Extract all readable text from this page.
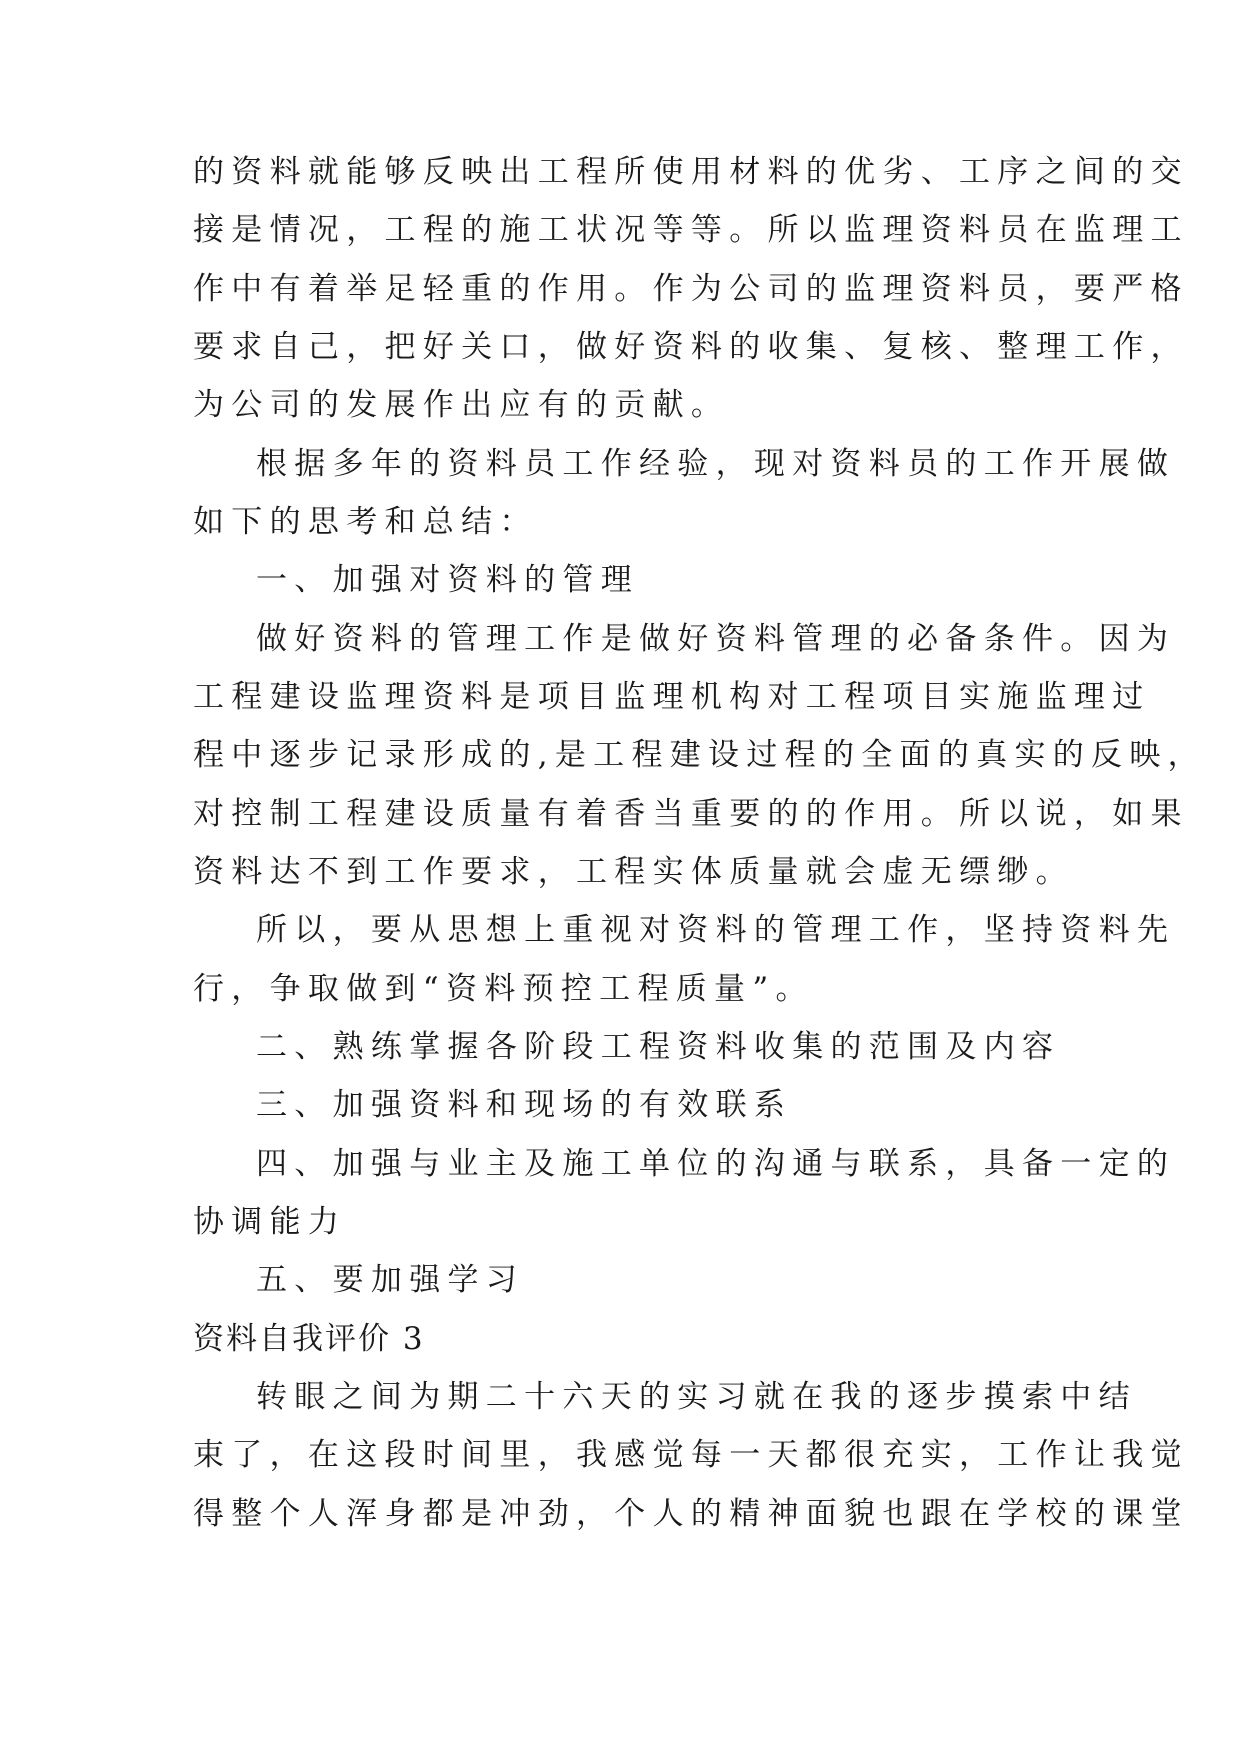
的资料就能够反映出工程所使用材料的优劣、工序之间的交
接是情况，工程的施工状况等等。所以监理资料员在监理工
作中有着举足轻重的作用。作为公司的监理资料员，要严格
要求自己，把好关口，做好资料的收集、复核、整理工作，
为公司的发展作出应有的贡献。
根据多年的资料员工作经验，现对资料员的工作开展做
如下的思考和总结：
一、加强对资料的管理
做好资料的管理工作是做好资料管理的必备条件。因为
工程建设监理资料是项目监理机构对工程项目实施监理过
程中逐步记录形成的,是工程建设过程的全面的真实的反映，
对控制工程建设质量有着香当重要的的作用。所以说，如果
资料达不到工作要求，工程实体质量就会虚无缥缈。
所以，要从思想上重视对资料的管理工作，坚持资料先
行，争取做到“资料预控工程质量”。
二、熟练掌握各阶段工程资料收集的范围及内容
三、加强资料和现场的有效联系
四、加强与业主及施工单位的沟通与联系，具备一定的
协调能力
五、要加强学习
资料自我评价 3
转眼之间为期二十六天的实习就在我的逐步摸索中结
束了，在这段时间里，我感觉每一天都很充实，工作让我觉
得整个人浑身都是冲劲，个人的精神面貌也跟在学校的课堂
